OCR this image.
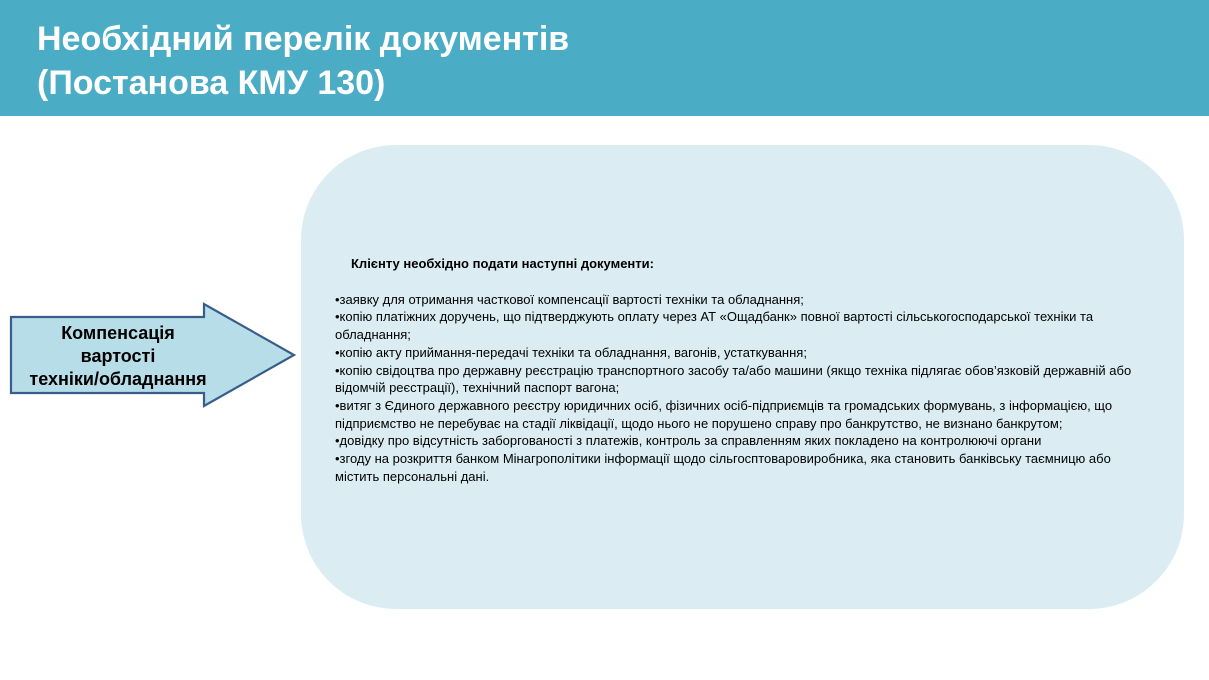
Необхідний перелік документів
(Постанова КМУ 130)
Компенсація
вартості
техніки/обладнання

Клієнту необхідно подати наступні документи:

•заявку для отримання часткової компенсації вартості техніки та обладнання;
•копію платіжних доручень, що підтверджують оплату через АТ «Ощадбанк» повної вартості сільськогосподарської техніки та обладнання;
•копію акту приймання-передачі техніки та обладнання, вагонів, устаткування;
•копію свідоцтва про державну реєстрацію транспортного засобу та/або машини (якщо техніка підлягає обов’язковій державній або відомчій реєстрації), технічний паспорт вагона;
•витяг з Єдиного державного реєстру юридичних осіб, фізичних осіб-підприємців та громадських формувань, з інформацією, що підприємство не перебуває на стадії ліквідації, щодо нього не порушено справу про банкрутство, не визнано банкрутом;
•довідку про відсутність заборгованості з платежів, контроль за справленням яких покладено на контролюючі органи
•згоду на розкриття банком Мінагрополітики інформації щодо сільгосптоваровиробника, яка становить банківську таємницю або містить персональні дані.
